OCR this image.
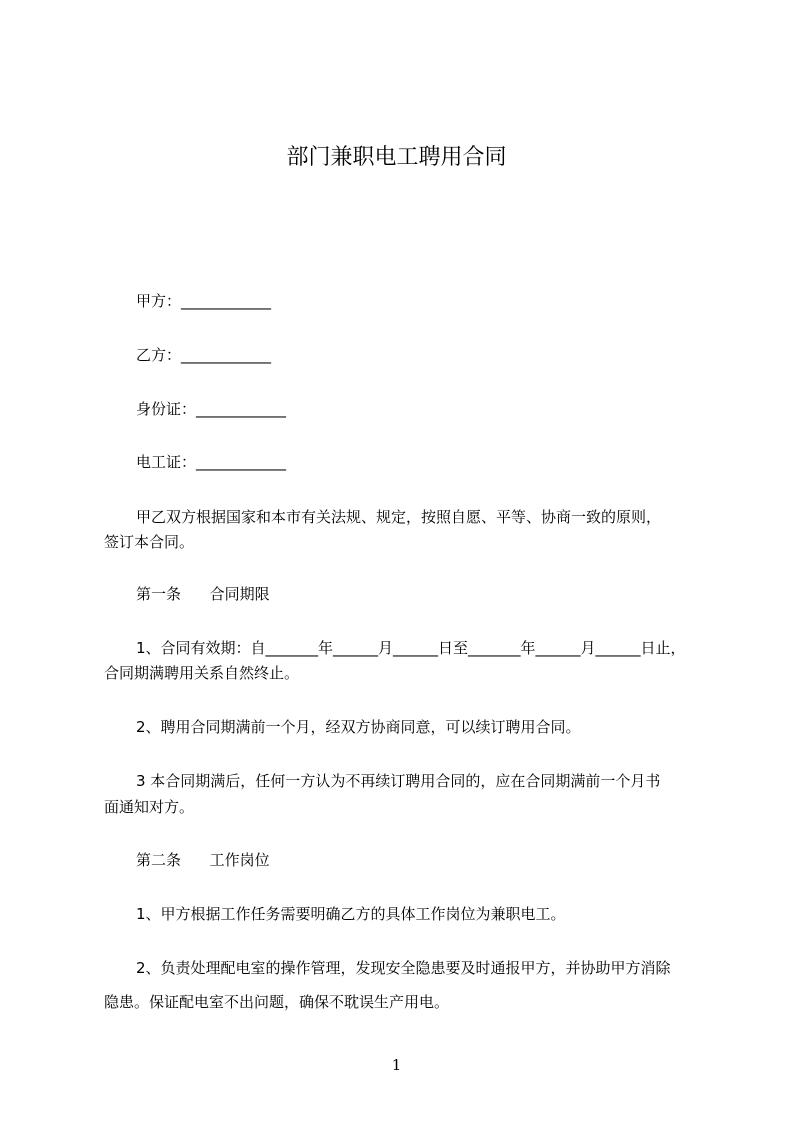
部门兼职电工聘用合同
甲方：____________
乙方：____________
身份证：____________
电工证：____________
甲乙双方根据国家和本市有关法规、规定，按照自愿、平等、协商一致的原则，
签订本合同。
第一条      合同期限
1、合同有效期：自_______年______月______日至_______年______月______日止，
合同期满聘用关系自然终止。
2、聘用合同期满前一个月，经双方协商同意，可以续订聘用合同。
3 本合同期满后，任何一方认为不再续订聘用合同的，应在合同期满前一个月书
面通知对方。
第二条      工作岗位
1、甲方根据工作任务需要明确乙方的具体工作岗位为兼职电工。
2、负责处理配电室的操作管理，发现安全隐患要及时通报甲方，并协助甲方消除
隐患。保证配电室不出问题，确保不耽误生产用电。
1
